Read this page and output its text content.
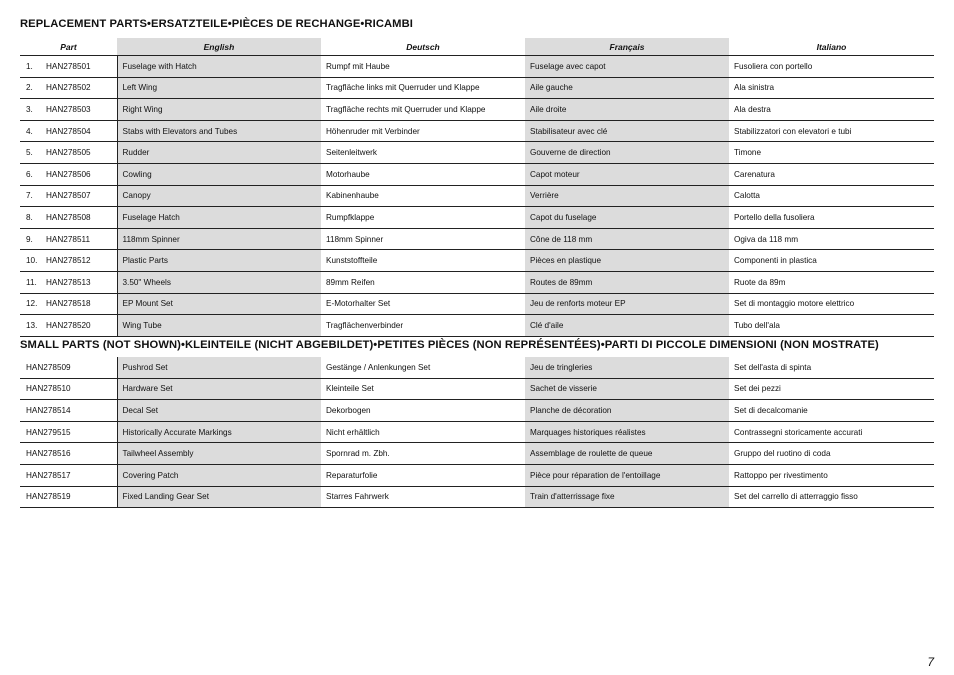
REPLACEMENT PARTS•ERSATZTEILE•PIÈCES DE RECHANGE•RICAMBI
Part	English	Deutsch	Français	Italiano
1. HAN278501	Fuselage with Hatch	Rumpf mit Haube	Fuselage avec capot	Fusoliera con portello
2. HAN278502	Left Wing	Tragfläche links mit Querruder und Klappe	Aile gauche	Ala sinistra
3. HAN278503	Right Wing	Tragfläche rechts mit Querruder und Klappe	Aile droite	Ala destra
4. HAN278504	Stabs with Elevators and Tubes	Höhenruder mit Verbinder	Stabilisateur avec clé	Stabilizzatori con elevatori e tubi
5. HAN278505	Rudder	Seitenleitwerk	Gouverne de direction	Timone
6. HAN278506	Cowling	Motorhaube	Capot moteur	Carenatura
7. HAN278507	Canopy	Kabinenhaube	Verrière	Calotta
8. HAN278508	Fuselage Hatch	Rumpfklappe	Capot du fuselage	Portello della fusoliera
9. HAN278511	118mm Spinner	118mm Spinner	Cône de 118 mm	Ogiva da 118 mm
10. HAN278512	Plastic Parts	Kunststoffteile	Pièces en plastique	Componenti in plastica
11. HAN278513	3.50" Wheels	89mm Reifen	Routes de 89mm	Ruote da 89m
12. HAN278518	EP Mount Set	E-Motorhalter Set	Jeu de renforts moteur EP	Set di montaggio motore elettrico
13. HAN278520	Wing Tube	Tragflächenverbinder	Clé d'aile	Tubo dell'ala
SMALL PARTS (NOT SHOWN)•KLEINTEILE (NICHT ABGEBILDET)•PETITES PIÈCES (NON REPRÉSENTÉES)•PARTI DI PICCOLE DIMENSIONI (NON MOSTRATE)
HAN278509	Pushrod Set	Gestänge / Anlenkungen Set	Jeu de tringleries	Set dell'asta di spinta
HAN278510	Hardware Set	Kleinteile Set	Sachet de visserie	Set dei pezzi
HAN278514	Decal Set	Dekorbogen	Planche de décoration	Set di decalcomanie
HAN279515	Historically Accurate Markings	Nicht erhältlich	Marquages historiques réalistes	Contrassegni storicamente accurati
HAN278516	Tailwheel Assembly	Spornrad m. Zbh.	Assemblage de roulette de queue	Gruppo del ruotino di coda
HAN278517	Covering Patch	Reparaturfolie	Pièce pour réparation de l'entoillage	Rattoppo per rivestimento
HAN278519	Fixed Landing Gear Set	Starres Fahrwerk	Train d'atterrissage fixe	Set del carrello di atterraggio fisso
7
